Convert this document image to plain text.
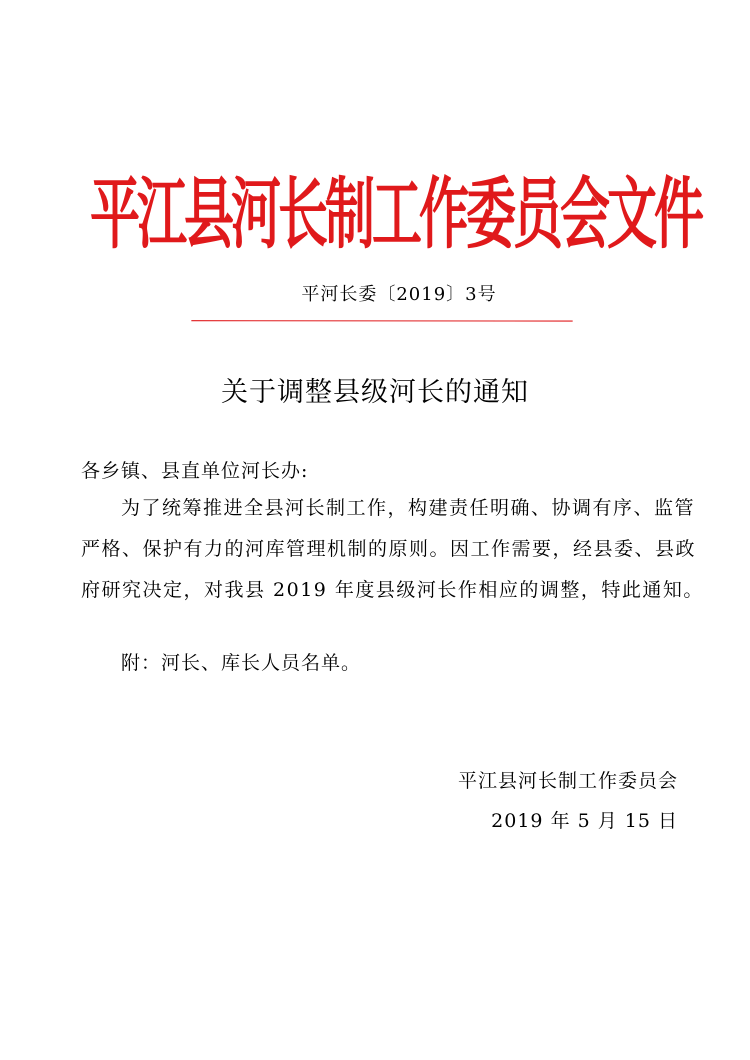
平江县河长制工作委员会文件
平河长委〔2019〕3号
关于调整县级河长的通知
各乡镇、县直单位河长办:
为了统筹推进全县河长制工作，构建责任明确、协调有序、监管
严格、保护有力的河库管理机制的原则。因工作需要，经县委、县政
府研究决定，对我县 2019 年度县级河长作相应的调整，特此通知。
附：河长、库长人员名单。
平江县河长制工作委员会
2019 年 5 月 15 日
